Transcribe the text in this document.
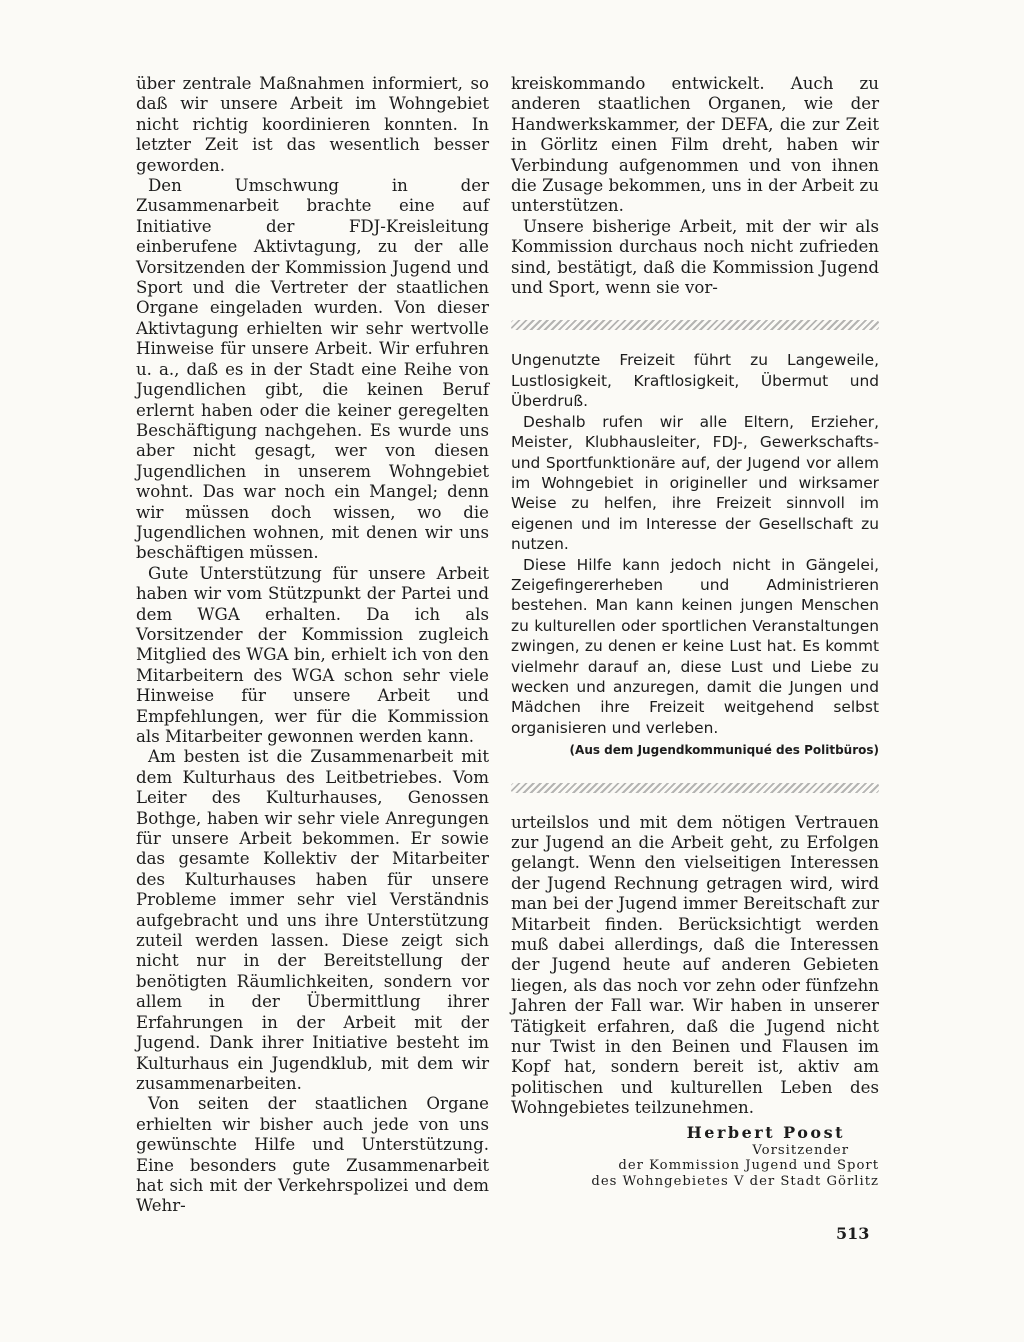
über zentrale Maßnahmen informiert, so daß wir unsere Arbeit im Wohngebiet nicht richtig koordinieren konnten. In letzter Zeit ist das wesentlich besser geworden.

Den Umschwung in der Zusammenarbeit brachte eine auf Initiative der FDJ-Kreisleitung einberufene Aktivtagung, zu der alle Vorsitzenden der Kommission Jugend und Sport und die Vertreter der staatlichen Organe eingeladen wurden. Von dieser Aktivtagung erhielten wir sehr wertvolle Hinweise für unsere Arbeit. Wir erfuhren u. a., daß es in der Stadt eine Reihe von Jugendlichen gibt, die keinen Beruf erlernt haben oder die keiner geregelten Beschäftigung nachgehen. Es wurde uns aber nicht gesagt, wer von diesen Jugendlichen in unserem Wohngebiet wohnt. Das war noch ein Mangel; denn wir müssen doch wissen, wo die Jugendlichen wohnen, mit denen wir uns beschäftigen müssen.

Gute Unterstützung für unsere Arbeit haben wir vom Stützpunkt der Partei und dem WGA erhalten. Da ich als Vorsitzender der Kommission zugleich Mitglied des WGA bin, erhielt ich von den Mitarbeitern des WGA schon sehr viele Hinweise für unsere Arbeit und Empfehlungen, wer für die Kommission als Mitarbeiter gewonnen werden kann.

Am besten ist die Zusammenarbeit mit dem Kulturhaus des Leitbetriebes. Vom Leiter des Kulturhauses, Genossen Bothge, haben wir sehr viele Anregungen für unsere Arbeit bekommen. Er sowie das gesamte Kollektiv der Mitarbeiter des Kulturhauses haben für unsere Probleme immer sehr viel Verständnis aufgebracht und uns ihre Unterstützung zuteil werden lassen. Diese zeigt sich nicht nur in der Bereitstellung der benötigten Räumlichkeiten, sondern vor allem in der Übermittlung ihrer Erfahrungen in der Arbeit mit der Jugend. Dank ihrer Initiative besteht im Kulturhaus ein Jugendklub, mit dem wir zusammenarbeiten.

Von seiten der staatlichen Organe erhielten wir bisher auch jede von uns gewünschte Hilfe und Unterstützung. Eine besonders gute Zusammenarbeit hat sich mit der Verkehrspolizei und dem Wehr-

kreiskommando entwickelt. Auch zu anderen staatlichen Organen, wie der Handwerkskammer, der DEFA, die zur Zeit in Görlitz einen Film dreht, haben wir Verbindung aufgenommen und von ihnen die Zusage bekommen, uns in der Arbeit zu unterstützen.

Unsere bisherige Arbeit, mit der wir als Kommission durchaus noch nicht zufrieden sind, bestätigt, daß die Kommission Jugend und Sport, wenn sie vor-

Ungenutzte Freizeit führt zu Langeweile, Lustlosigkeit, Kraftlosigkeit, Übermut und Überdruß.

Deshalb rufen wir alle Eltern, Erzieher, Meister, Klubhausleiter, FDJ-, Gewerkschafts- und Sportfunktionäre auf, der Jugend vor allem im Wohngebiet in origineller und wirksamer Weise zu helfen, ihre Freizeit sinnvoll im eigenen und im Interesse der Gesellschaft zu nutzen.

Diese Hilfe kann jedoch nicht in Gängelei, Zeigefingererheben und Administrieren bestehen. Man kann keinen jungen Menschen zu kulturellen oder sportlichen Veranstaltungen zwingen, zu denen er keine Lust hat. Es kommt vielmehr darauf an, diese Lust und Liebe zu wecken und anzuregen, damit die Jungen und Mädchen ihre Freizeit weitgehend selbst organisieren und verleben.

(Aus dem Jugendkommuniqué des Politbüros)

urteilslos und mit dem nötigen Vertrauen zur Jugend an die Arbeit geht, zu Erfolgen gelangt. Wenn den vielseitigen Interessen der Jugend Rechnung getragen wird, wird man bei der Jugend immer Bereitschaft zur Mitarbeit finden. Berücksichtigt werden muß dabei allerdings, daß die Interessen der Jugend heute auf anderen Gebieten liegen, als das noch vor zehn oder fünfzehn Jahren der Fall war. Wir haben in unserer Tätigkeit erfahren, daß die Jugend nicht nur Twist in den Beinen und Flausen im Kopf hat, sondern bereit ist, aktiv am politischen und kulturellen Leben des Wohngebietes teilzunehmen.

Herbert Poost
Vorsitzender
der Kommission Jugend und Sport
des Wohngebietes V der Stadt Görlitz
513
